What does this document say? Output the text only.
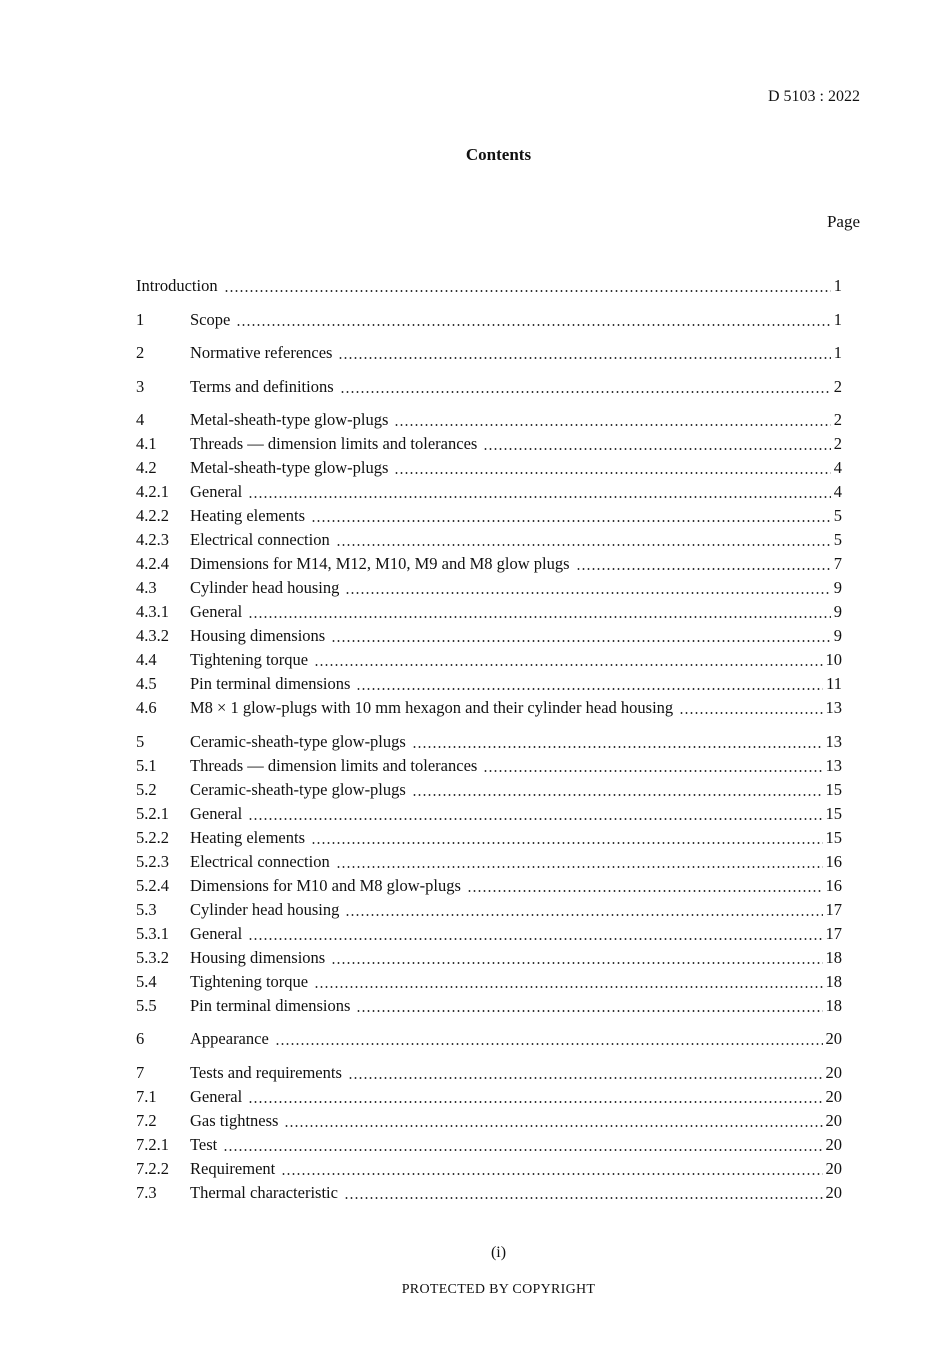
D 5103 : 2022
Contents
Page
Introduction	1
1	Scope	1
2	Normative references	1
3	Terms and definitions	2
4	Metal-sheath-type glow-plugs	2
4.1	Threads — dimension limits and tolerances	2
4.2	Metal-sheath-type glow-plugs	4
4.2.1	General	4
4.2.2	Heating elements	5
4.2.3	Electrical connection	5
4.2.4	Dimensions for M14, M12, M10, M9 and M8 glow plugs	7
4.3	Cylinder head housing	9
4.3.1	General	9
4.3.2	Housing dimensions	9
4.4	Tightening torque	10
4.5	Pin terminal dimensions	11
4.6	M8 × 1 glow-plugs with 10 mm hexagon and their cylinder head housing	13
5	Ceramic-sheath-type glow-plugs	13
5.1	Threads — dimension limits and tolerances	13
5.2	Ceramic-sheath-type glow-plugs	15
5.2.1	General	15
5.2.2	Heating elements	15
5.2.3	Electrical connection	16
5.2.4	Dimensions for M10 and M8 glow-plugs	16
5.3	Cylinder head housing	17
5.3.1	General	17
5.3.2	Housing dimensions	18
5.4	Tightening torque	18
5.5	Pin terminal dimensions	18
6	Appearance	20
7	Tests and requirements	20
7.1	General	20
7.2	Gas tightness	20
7.2.1	Test	20
7.2.2	Requirement	20
7.3	Thermal characteristic	20
(i)
PROTECTED BY COPYRIGHT
